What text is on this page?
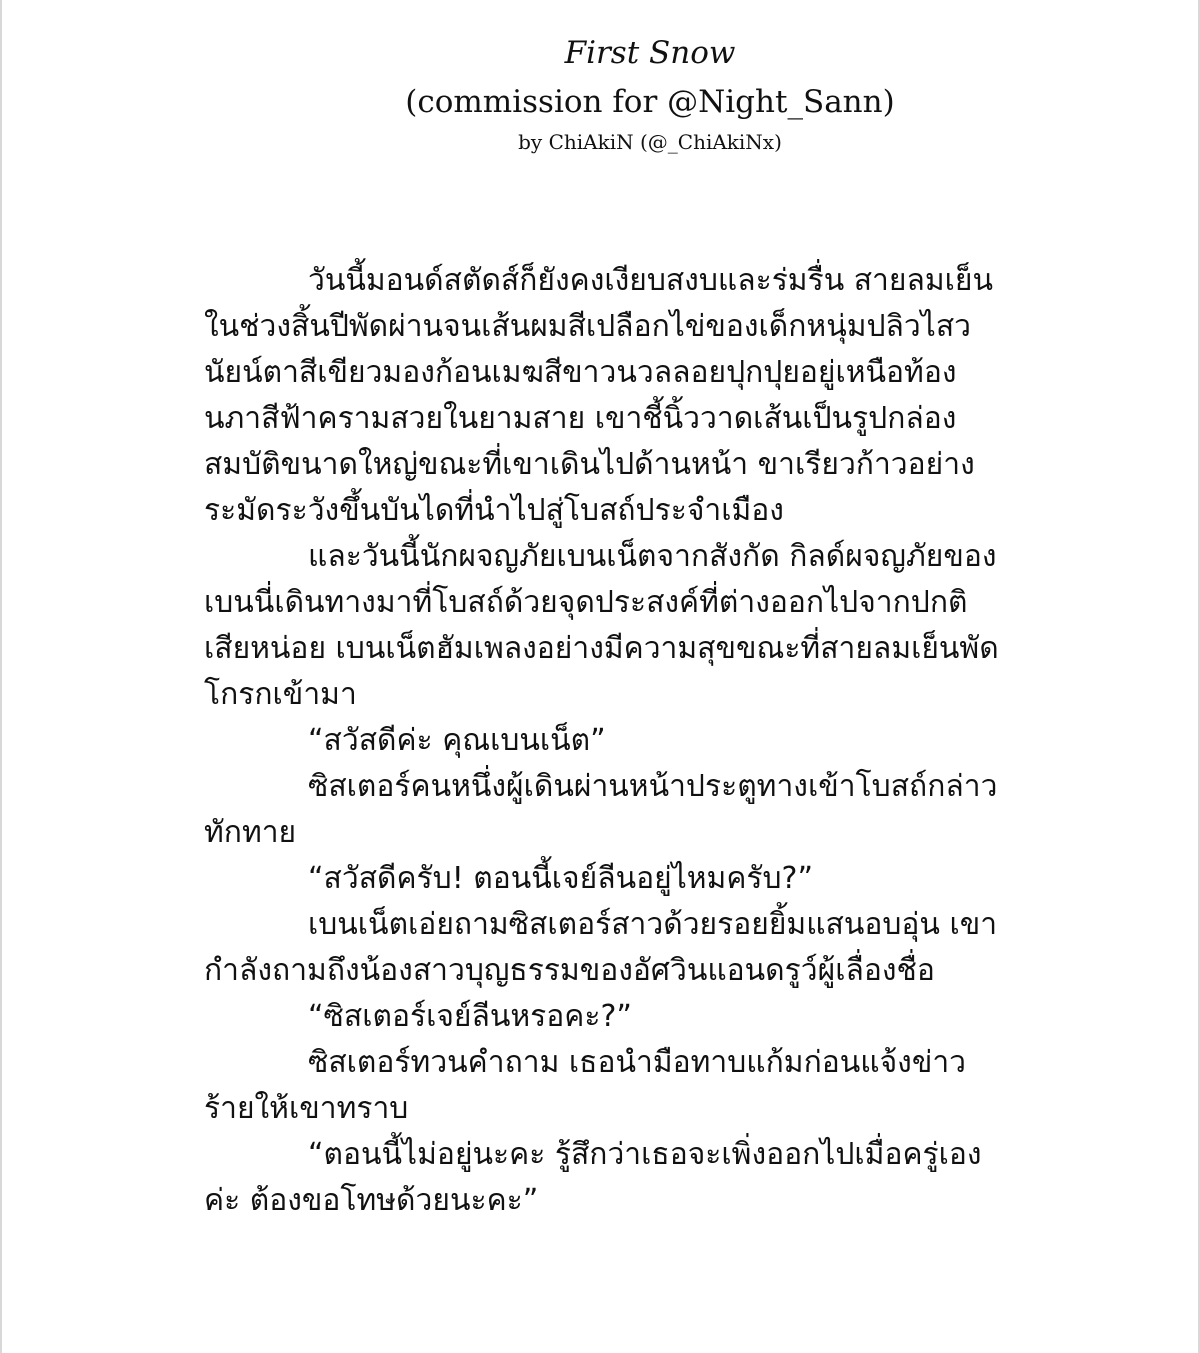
First Snow

(commission for @Night_Sann)

by ChiAkiN (@_ChiAkiNx)

วันนี้มอนด์สตัดส์ก็ยังคงเงียบสงบและร่มรื่น สายลมเย็นในช่วงสิ้นปีพัดผ่านจนเส้นผมสีเปลือกไข่ของเด็กหนุ่มปลิวไสว นัยน์ตาสีเขียวมองก้อนเมฆสีขาวนวลลอยปุกปุยอยู่เหนือท้องนภาสีฟ้าครามสวยในยามสาย เขาชี้นิ้ววาดเส้นเป็นรูปกล่องสมบัติขนาดใหญ่ขณะที่เขาเดินไปด้านหน้า ขาเรียวก้าวอย่างระมัดระวังขึ้นบันไดที่นำไปสู่โบสถ์ประจำเมือง

และวันนี้นักผจญภัยเบนเน็ตจากสังกัด กิลด์ผจญภัยของเบนนี่เดินทางมาที่โบสถ์ด้วยจุดประสงค์ที่ต่างออกไปจากปกติเสียหน่อย เบนเน็ตฮัมเพลงอย่างมีความสุขขณะที่สายลมเย็นพัดโกรกเข้ามา

“สวัสดีค่ะ คุณเบนเน็ต”

ซิสเตอร์คนหนึ่งผู้เดินผ่านหน้าประตูทางเข้าโบสถ์กล่าวทักทาย

“สวัสดีครับ! ตอนนี้เจย์ลีนอยู่ไหมครับ?”

เบนเน็ตเอ่ยถามซิสเตอร์สาวด้วยรอยยิ้มแสนอบอุ่น เขากำลังถามถึงน้องสาวบุญธรรมของอัศวินแอนดรูว์ผู้เลื่องชื่อ

“ซิสเตอร์เจย์ลีนหรอคะ?”

ซิสเตอร์ทวนคำถาม เธอนำมือทาบแก้มก่อนแจ้งข่าวร้ายให้เขาทราบ

“ตอนนี้ไม่อยู่นะคะ รู้สึกว่าเธอจะเพิ่งออกไปเมื่อครู่เองค่ะ ต้องขอโทษด้วยนะคะ”
